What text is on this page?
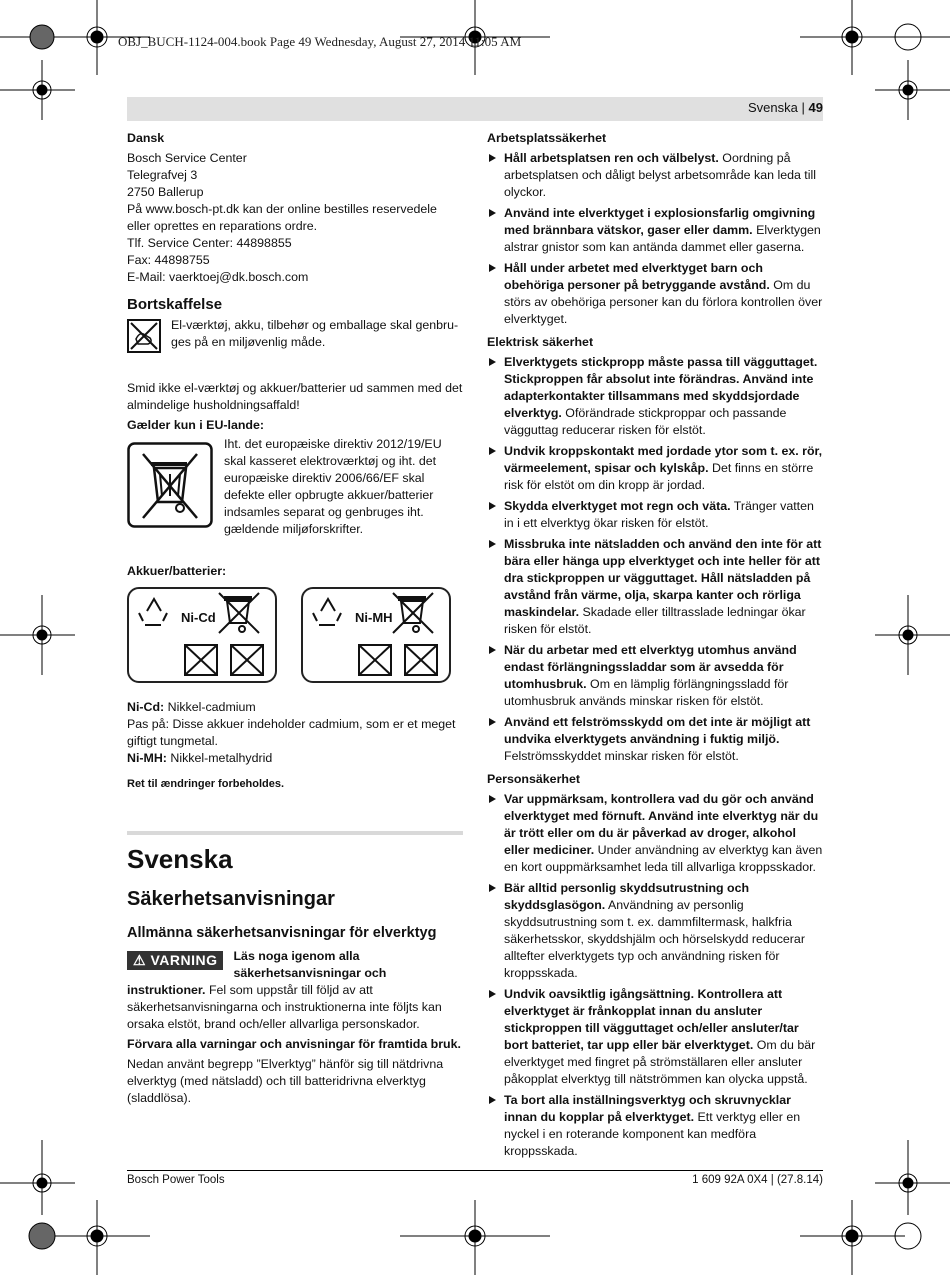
OBJ_BUCH-1124-004.book Page 49 Wednesday, August 27, 2014 11:05 AM
Svenska | 49

Dansk

Bosch Service Center

Telegrafvej 3

2750 Ballerup

På www.bosch-pt.dk kan der online bestilles reservedele eller oprettes en reparations ordre.

Tlf. Service Center: 44898855

Fax: 44898755

E-Mail: vaerktoej@dk.bosch.com

Bortskaffelse

El-værktøj, akku, tilbehør og emballage skal genbru-

ges på en miljøvenlig måde.

Smid ikke el-værktøj og akkuer/batterier ud sammen med det almindelige husholdningsaffald!

Gælder kun i EU-lande:

Iht. det europæiske direktiv 2012/19/EU skal kasseret elektroværktøj og iht. det europæiske direktiv 2006/66/EF skal defekte eller opbrugte akkuer/batterier indsamles separat og genbruges iht. gældende miljøforskrifter.

Akkuer/batterier:

Ni-Cd	Ni-MH

Ni-Cd: Nikkel-cadmium

Pas på: Disse akkuer indeholder cadmium, som er et meget giftigt tungmetal.

Ni-MH: Nikkel-metalhydrid

Ret til ændringer forbeholdes.

Svenska

Säkerhetsanvisningar

Allmänna säkerhetsanvisningar för elverktyg

⚠ VARNING	Läs noga igenom alla säkerhetsanvisningar och instruktioner. Fel som uppstår till följd av att säkerhetsanvisningarna och instruktionerna inte följts kan orsaka elstöt, brand och/eller allvarliga personskador.

Förvara alla varningar och anvisningar för framtida bruk.

Nedan använt begrepp ”Elverktyg” hänför sig till nätdrivna elverktyg (med nätsladd) och till batteridrivna elverktyg (sladdlösa).

Arbetsplatssäkerhet

Håll arbetsplatsen ren och välbelyst. Oordning på arbetsplatsen och dåligt belyst arbetsområde kan leda till olyckor.

Använd inte elverktyget i explosionsfarlig omgivning med brännbara vätskor, gaser eller damm. Elverktygen alstrar gnistor som kan antända dammet eller gaserna.

Håll under arbetet med elverktyget barn och obehöriga personer på betryggande avstånd. Om du störs av obehöriga personer kan du förlora kontrollen över elverktyget.

Elektrisk säkerhet

Elverktygets stickpropp måste passa till vägguttaget. Stickproppen får absolut inte förändras. Använd inte adapterkontakter tillsammans med skyddsjordade elverktyg. Oförändrade stickproppar och passande vägguttag reducerar risken för elstöt.

Undvik kroppskontakt med jordade ytor som t. ex. rör, värmeelement, spisar och kylskåp. Det finns en större risk för elstöt om din kropp är jordad.

Skydda elverktyget mot regn och väta. Tränger vatten in i ett elverktyg ökar risken för elstöt.

Missbruka inte nätsladden och använd den inte för att bära eller hänga upp elverktyget och inte heller för att dra stickproppen ur vägguttaget. Håll nätsladden på avstånd från värme, olja, skarpa kanter och rörliga maskindelar. Skadade eller tilltrasslade ledningar ökar risken för elstöt.

När du arbetar med ett elverktyg utomhus använd endast förlängningssladdar som är avsedda för utomhusbruk. Om en lämplig förlängningssladd för utomhusbruk används minskar risken för elstöt.

Använd ett felströmsskydd om det inte är möjligt att undvika elverktygets användning i fuktig miljö. Felströmsskyddet minskar risken för elstöt.

Personsäkerhet

Var uppmärksam, kontrollera vad du gör och använd elverktyget med förnuft. Använd inte elverktyg när du är trött eller om du är påverkad av droger, alkohol eller mediciner. Under användning av elverktyg kan även en kort ouppmärksamhet leda till allvarliga kroppsskador.

Bär alltid personlig skyddsutrustning och skyddsglasögon. Användning av personlig skyddsutrustning som t. ex. dammfiltermask, halkfria säkerhetsskor, skyddshjälm och hörselskydd reducerar alltefter elverktygets typ och användning risken för kroppsskada.

Undvik oavsiktlig igångsättning. Kontrollera att elverktyget är frånkopplat innan du ansluter stickproppen till vägguttaget och/eller ansluter/tar bort batteriet, tar upp eller bär elverktyget. Om du bär elverktyget med fingret på strömställaren eller ansluter påkopplat elverktyg till nätströmmen kan olycka uppstå.

Ta bort alla inställningsverktyg och skruvnycklar innan du kopplar på elverktyget. Ett verktyg eller en nyckel i en roterande komponent kan medföra kroppsskada.

Bosch Power Tools	1 609 92A 0X4 | (27.8.14)
